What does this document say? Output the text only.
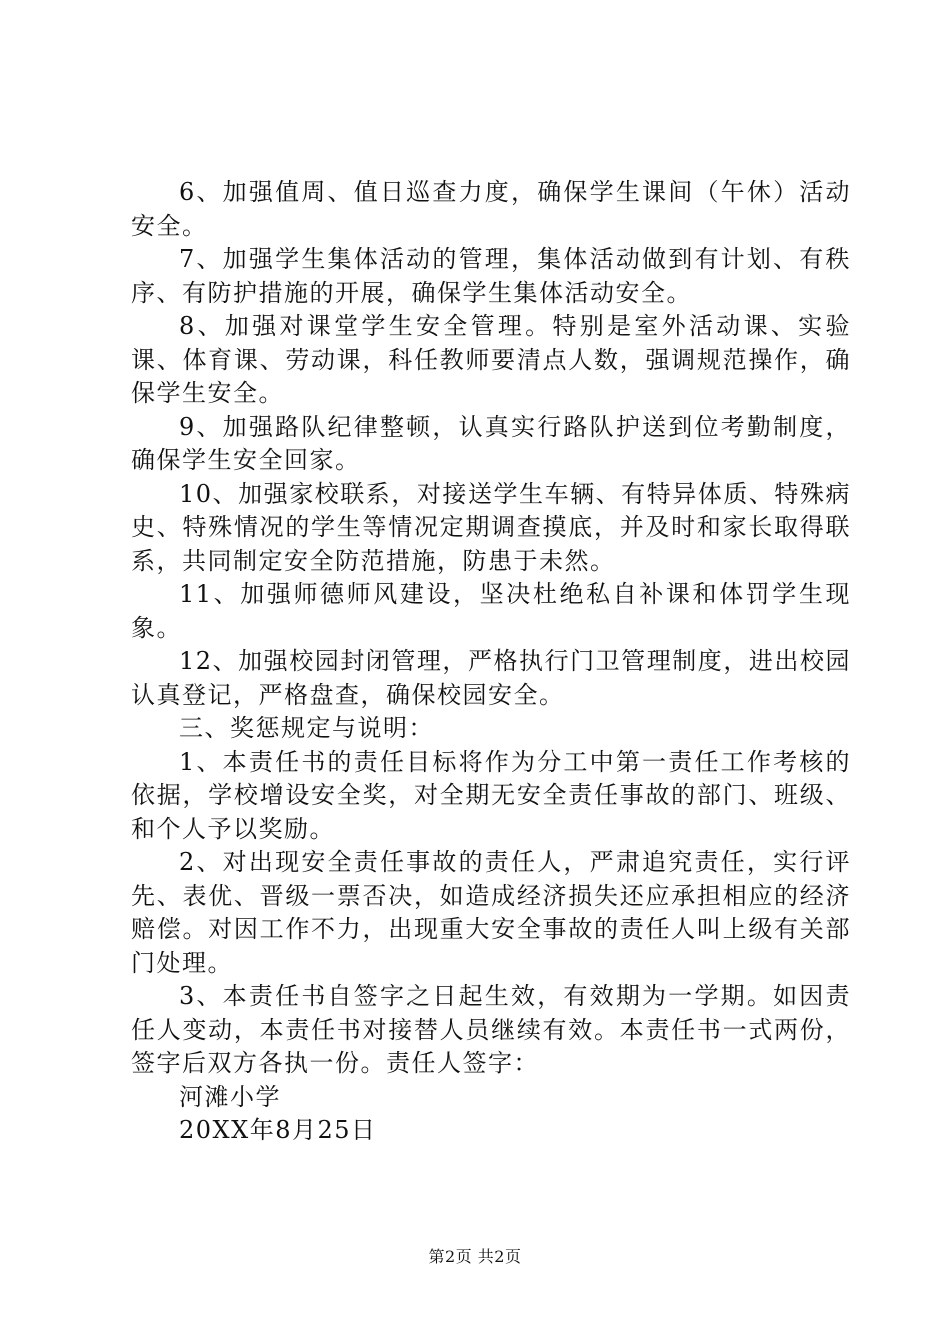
6、加强值周、值日巡查力度，确保学生课间（午休）活动安全。

7、加强学生集体活动的管理，集体活动做到有计划、有秩序、有防护措施的开展，确保学生集体活动安全。

8、加强对课堂学生安全管理。特别是室外活动课、实验课、体育课、劳动课，科任教师要清点人数，强调规范操作，确保学生安全。

9、加强路队纪律整顿，认真实行路队护送到位考勤制度，确保学生安全回家。

10、加强家校联系，对接送学生车辆、有特异体质、特殊病史、特殊情况的学生等情况定期调查摸底，并及时和家长取得联系，共同制定安全防范措施，防患于未然。

11、加强师德师风建设，坚决杜绝私自补课和体罚学生现象。

12、加强校园封闭管理，严格执行门卫管理制度，进出校园认真登记，严格盘查，确保校园安全。

三、奖惩规定与说明：

1、本责任书的责任目标将作为分工中第一责任工作考核的依据，学校增设安全奖，对全期无安全责任事故的部门、班级、和个人予以奖励。

2、对出现安全责任事故的责任人，严肃追究责任，实行评先、表优、晋级一票否决，如造成经济损失还应承担相应的经济赔偿。对因工作不力，出现重大安全事故的责任人叫上级有关部门处理。

3、本责任书自签字之日起生效，有效期为一学期。如因责任人变动，本责任书对接替人员继续有效。本责任书一式两份，签字后双方各执一份。责任人签字：

河滩小学

20XX年8月25日

第2页 共2页
